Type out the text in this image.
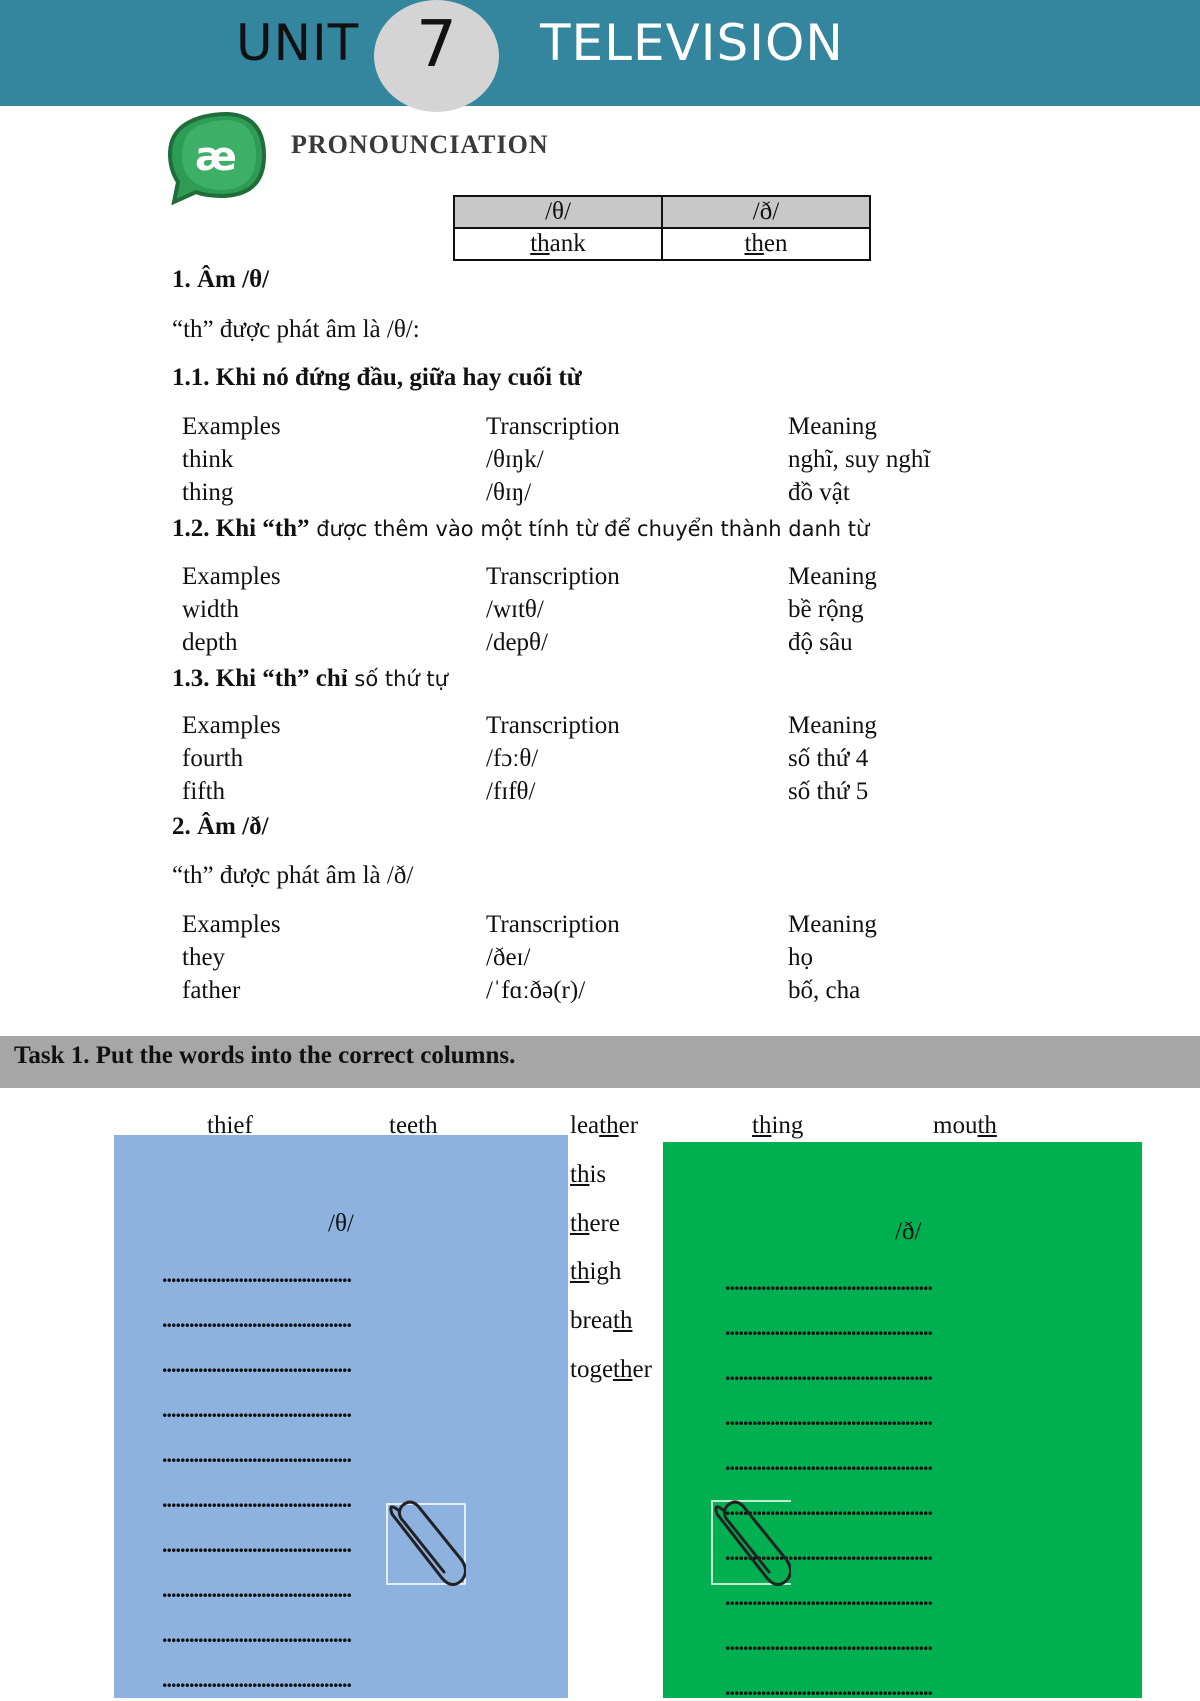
UNIT 7	TELEVISION
æ PRONOUNCIATION
/θ/	/ð/
thank	then
1. Âm /θ/
“th” được phát âm là /θ/:
1.1. Khi nó đứng đầu, giữa hay cuối từ
Examples	Transcription	Meaning
think	/θɪŋk/	nghĩ, suy nghĩ
thing	/θɪŋ/	đồ vật
1.2. Khi “th” được thêm vào một tính từ để chuyển thành danh từ
Examples	Transcription	Meaning
width	/wɪtθ/	bề rộng
depth	/depθ/	độ sâu
1.3. Khi “th” chỉ số thứ tự
Examples	Transcription	Meaning
fourth	/fɔːθ/	số thứ 4
fifth	/fɪfθ/	số thứ 5
2. Âm /ð/
“th” được phát âm là /ð/
Examples	Transcription	Meaning
they	/ðeɪ/	họ
father	/ˈfɑːðə(r)/	bố, cha
Task 1. Put the words into the correct columns.
/θ/	/ð/
thief	teeth	leather	thing	mouth
this
there
thigh
breath
together
..........................................
..........................................
..........................................
..........................................
..........................................
..........................................
..........................................
..........................................
..........................................
..........................................
..............................................
..............................................
..............................................
..............................................
..............................................
..............................................
..............................................
..............................................
..............................................
..............................................
